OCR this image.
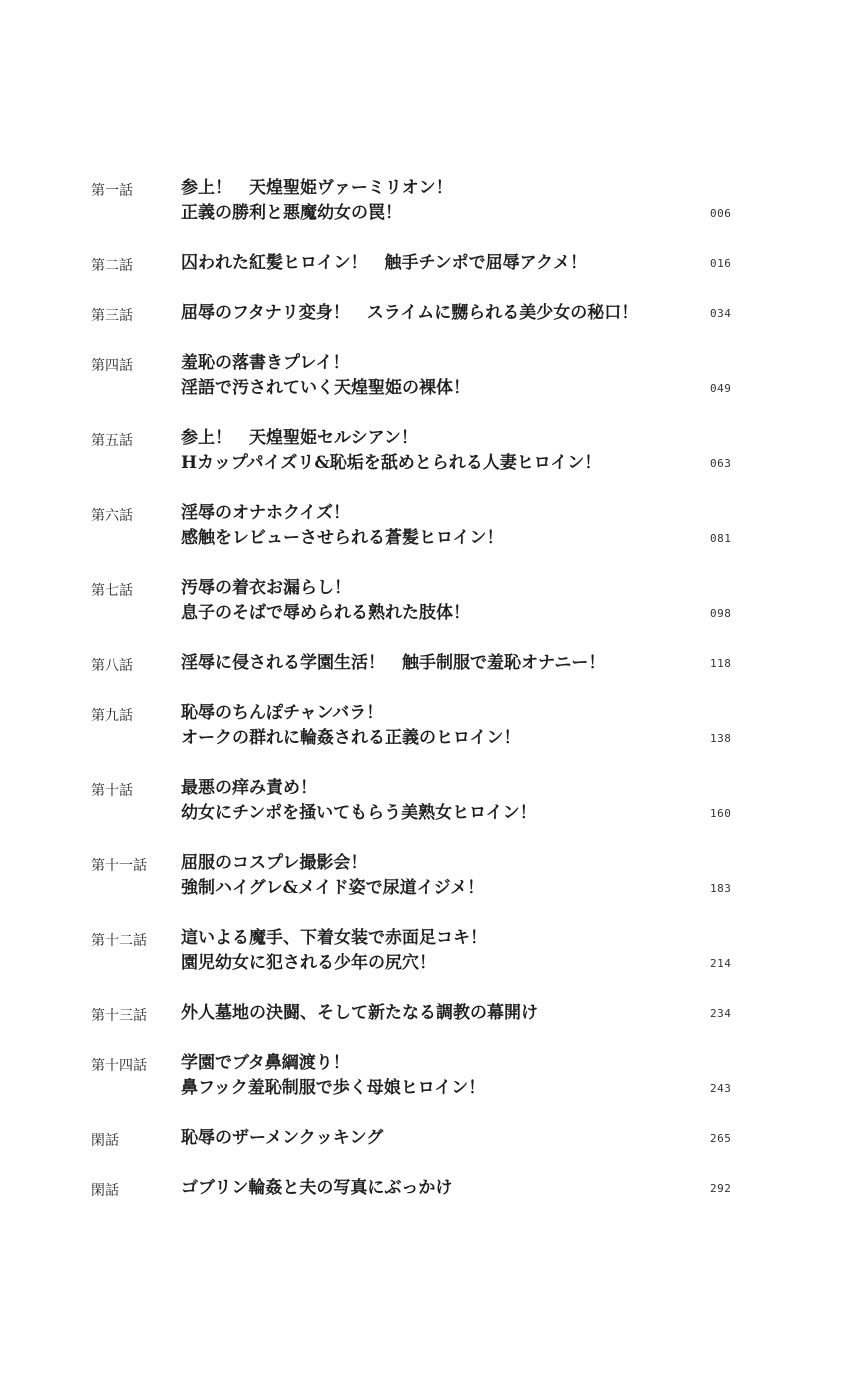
第一話	参上！　天煌聖姫ヴァーミリオン！
正義の勝利と悪魔幼女の罠！	006
第二話	囚われた紅髪ヒロイン！　触手チンポで屈辱アクメ！	016
第三話	屈辱のフタナリ変身！　スライムに嬲られる美少女の秘口！	034
第四話	羞恥の落書きプレイ！
淫語で汚されていく天煌聖姫の裸体！	049
第五話	参上！　天煌聖姫セルシアン！
Hカップパイズリ&恥垢を舐めとられる人妻ヒロイン！	063
第六話	淫辱のオナホクイズ！
感触をレビューさせられる蒼髪ヒロイン！	081
第七話	汚辱の着衣お漏らし！
息子のそばで辱められる熟れた肢体！	098
第八話	淫辱に侵される学園生活！　触手制服で羞恥オナニー！	118
第九話	恥辱のちんぽチャンバラ！
オークの群れに輪姦される正義のヒロイン！	138
第十話	最悪の痒み責め！
幼女にチンポを掻いてもらう美熟女ヒロイン！	160
第十一話 屈服のコスプレ撮影会！
強制ハイグレ&メイド姿で尿道イジメ！	183
第十二話 這いよる魔手、下着女装で赤面足コキ！
園児幼女に犯される少年の尻穴！	214
第十三話 外人墓地の決闘、そして新たなる調教の幕開け	234
第十四話 学園でブタ鼻綱渡り！
鼻フック羞恥制服で歩く母娘ヒロイン！	243
閑話	恥辱のザーメンクッキング	265
閑話	ゴブリン輪姦と夫の写真にぶっかけ	292
